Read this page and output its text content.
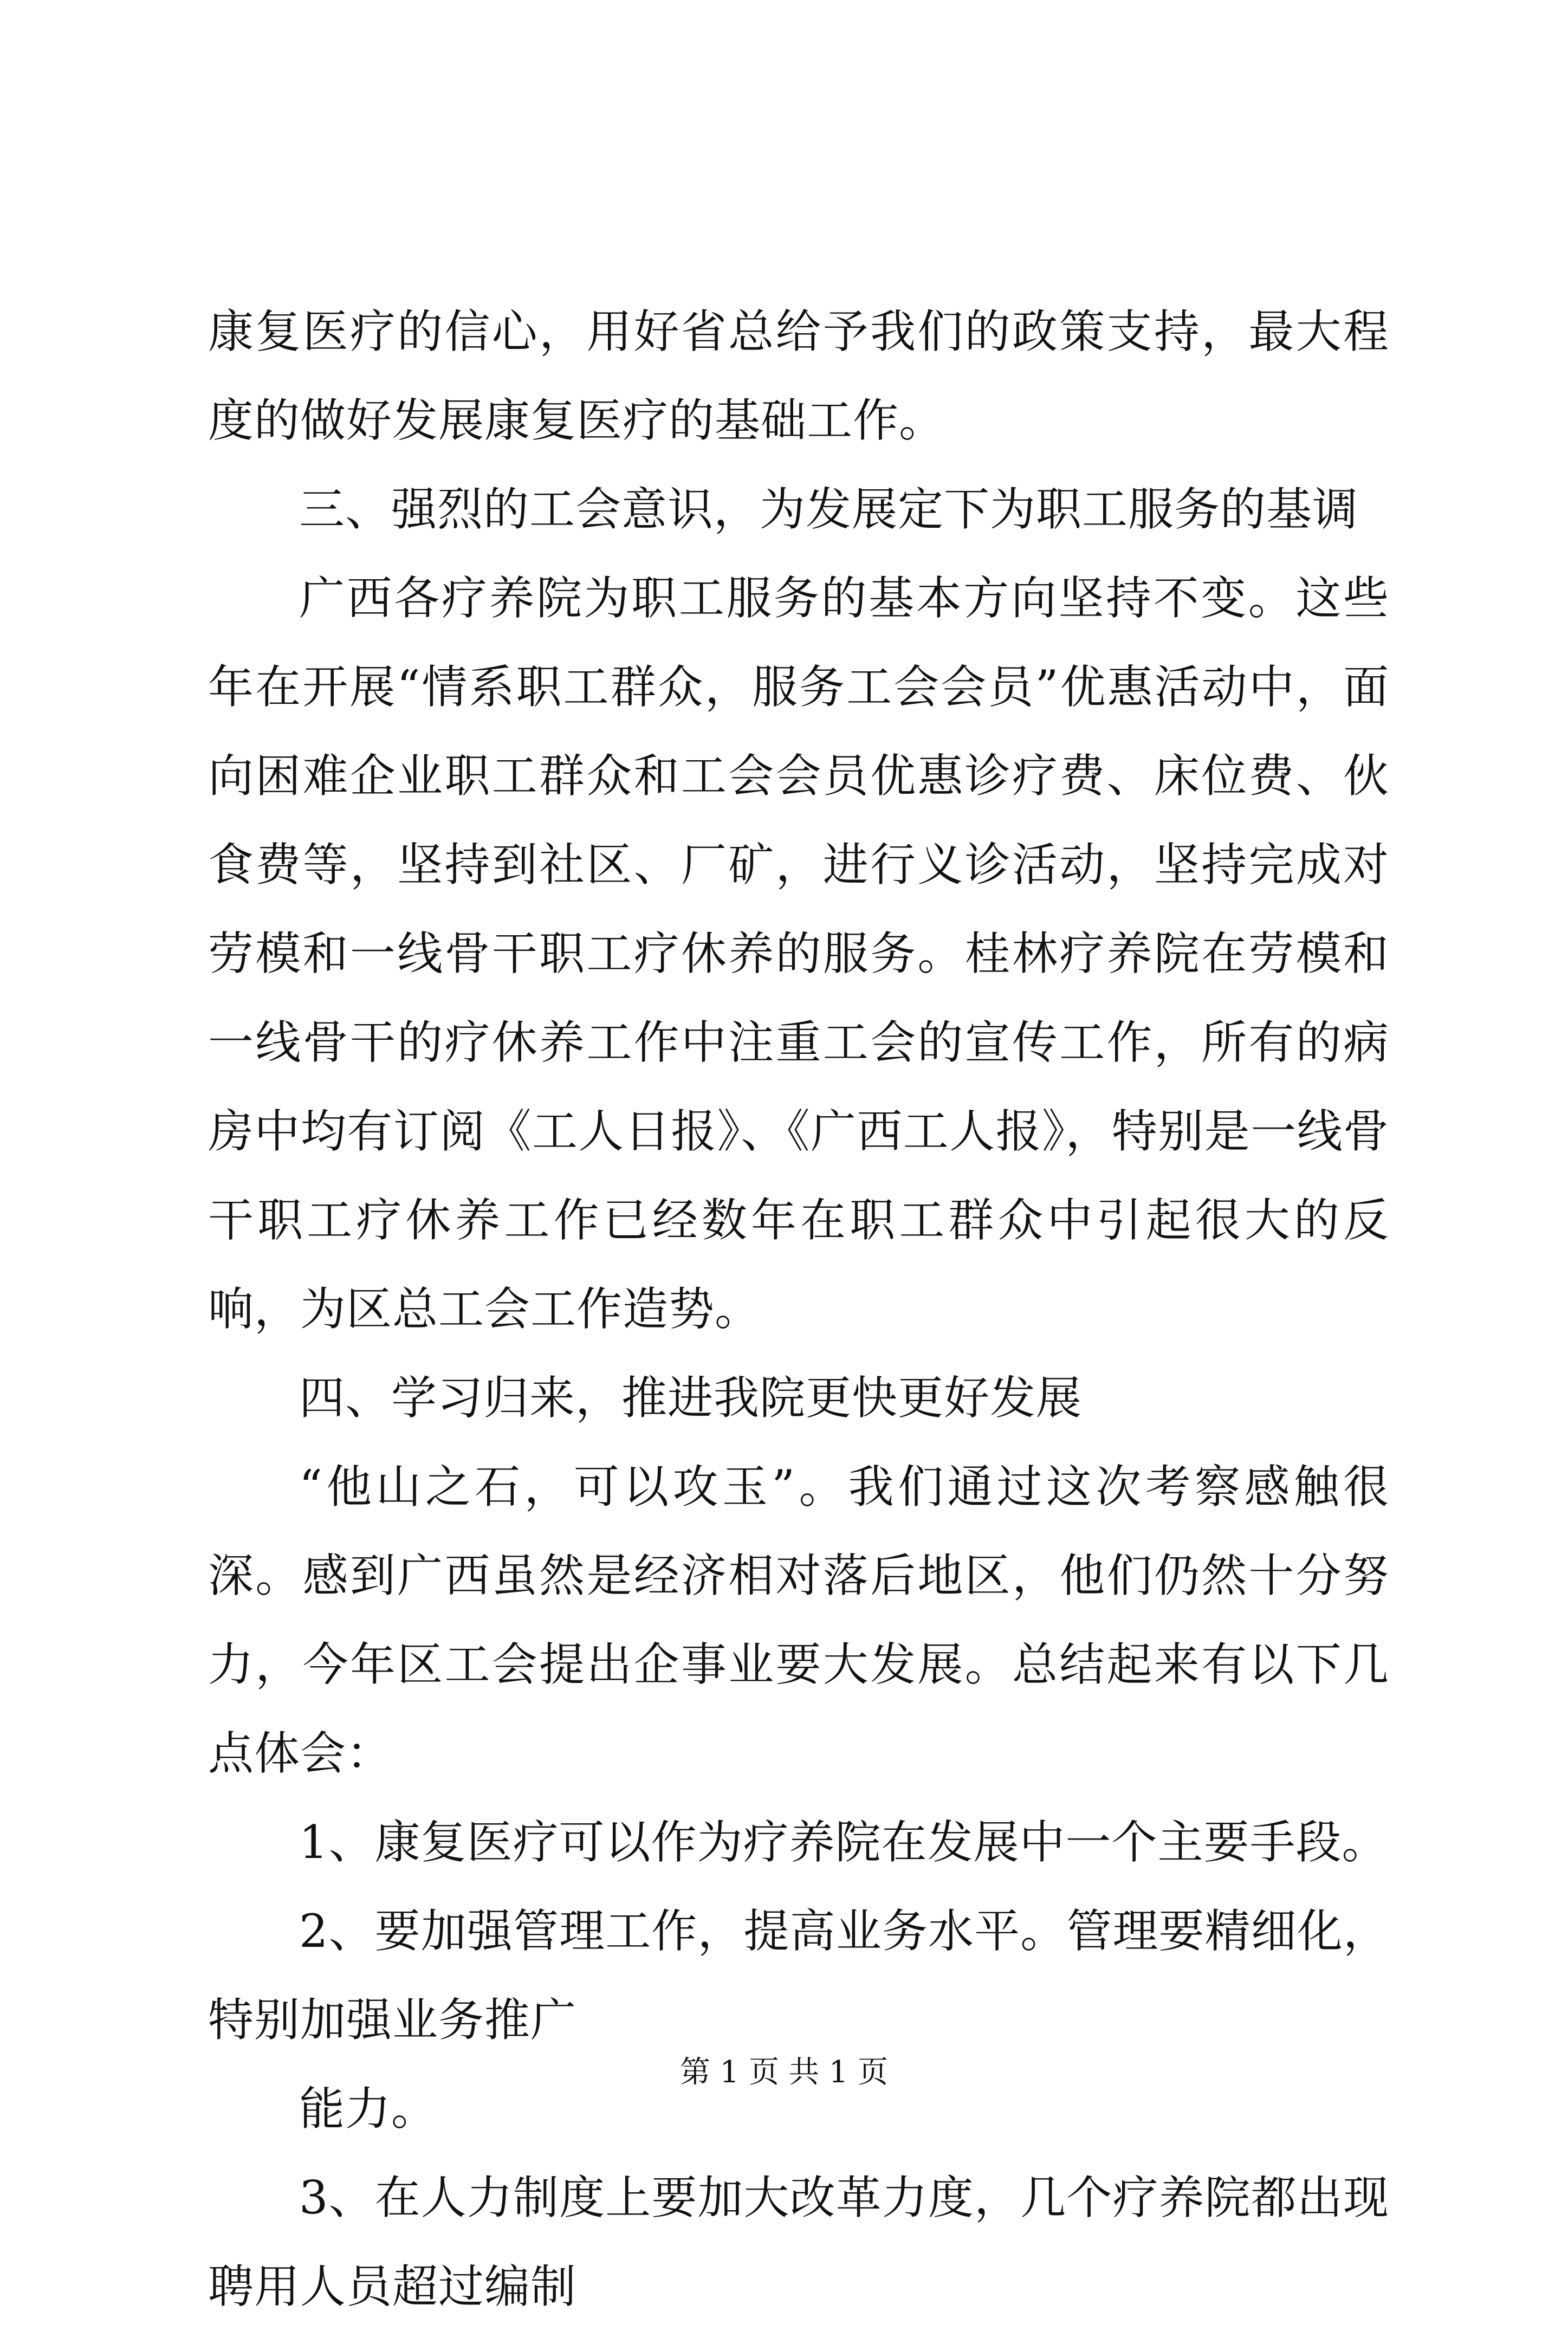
康复医疗的信心，用好省总给予我们的政策支持，最大程度的做好发展康复医疗的基础工作。

三、强烈的工会意识，为发展定下为职工服务的基调

广西各疗养院为职工服务的基本方向坚持不变。这些年在开展“情系职工群众，服务工会会员”优惠活动中，面向困难企业职工群众和工会会员优惠诊疗费、床位费、伙食费等，坚持到社区、厂矿，进行义诊活动，坚持完成对劳模和一线骨干职工疗休养的服务。桂林疗养院在劳模和一线骨干的疗休养工作中注重工会的宣传工作，所有的病房中均有订阅《工人日报》、《广西工人报》，特别是一线骨干职工疗休养工作已经数年在职工群众中引起很大的反响，为区总工会工作造势。

四、学习归来，推进我院更快更好发展

“他山之石，可以攻玉”。我们通过这次考察感触很深。感到广西虽然是经济相对落后地区，他们仍然十分努力，今年区工会提出企事业要大发展。总结起来有以下几点体会：

1、康复医疗可以作为疗养院在发展中一个主要手段。

2、要加强管理工作，提高业务水平。管理要精细化，特别加强业务推广

能力。

3、在人力制度上要加大改革力度，几个疗养院都出现聘用人员超过编制

第 1 页 共 1 页
